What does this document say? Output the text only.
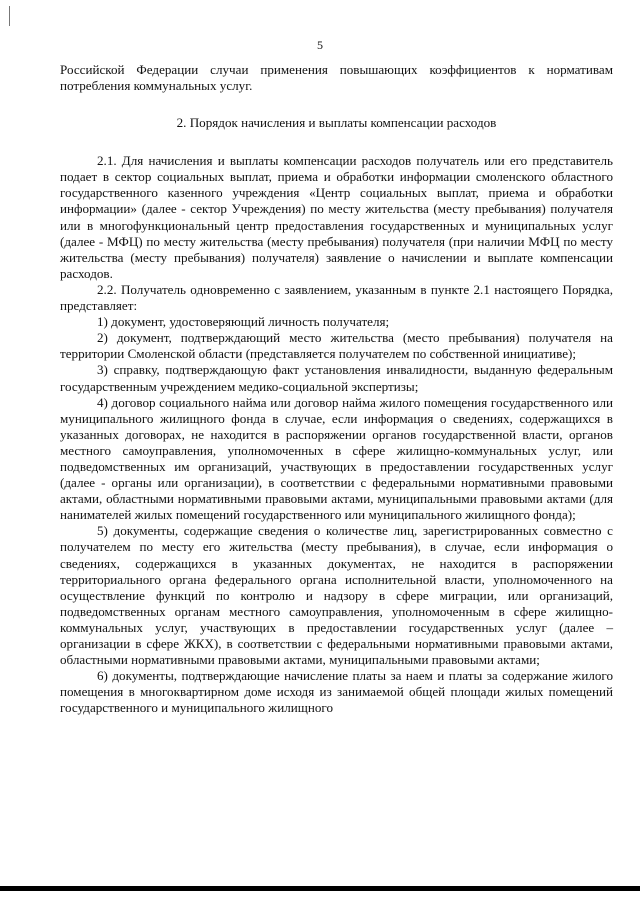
5

Российской Федерации случаи применения повышающих коэффициентов к нормативам потребления коммунальных услуг.

2. Порядок начисления и выплаты компенсации расходов

2.1. Для начисления и выплаты компенсации расходов получатель или его представитель подает в сектор социальных выплат, приема и обработки информации смоленского областного государственного казенного учреждения «Центр социальных выплат, приема и обработки информации» (далее - сектор Учреждения) по месту жительства (месту пребывания) получателя или в многофункциональный центр предоставления государственных и муниципальных услуг (далее - МФЦ) по месту жительства (месту пребывания) получателя (при наличии МФЦ по месту жительства (месту пребывания) получателя) заявление о начислении и выплате компенсации расходов.

2.2. Получатель одновременно с заявлением, указанным в пункте 2.1 настоящего Порядка, представляет:

1) документ, удостоверяющий личность получателя;

2) документ, подтверждающий место жительства (место пребывания) получателя на территории Смоленской области (представляется получателем по собственной инициативе);

3) справку, подтверждающую факт установления инвалидности, выданную федеральным государственным учреждением медико-социальной экспертизы;

4) договор социального найма или договор найма жилого помещения государственного или муниципального жилищного фонда в случае, если информация о сведениях, содержащихся в указанных договорах, не находится в распоряжении органов государственной власти, органов местного самоуправления, уполномоченных в сфере жилищно-коммунальных услуг, или подведомственных им организаций, участвующих в предоставлении государственных услуг (далее - органы или организации), в соответствии с федеральными нормативными правовыми актами, областными нормативными правовыми актами, муниципальными правовыми актами (для нанимателей жилых помещений государственного или муниципального жилищного фонда);

5) документы, содержащие сведения о количестве лиц, зарегистрированных совместно с получателем по месту его жительства (месту пребывания), в случае, если информация о сведениях, содержащихся в указанных документах, не находится в распоряжении территориального органа федерального органа исполнительной власти, уполномоченного на осуществление функций по контролю и надзору в сфере миграции, или организаций, подведомственных органам местного самоуправления, уполномоченным в сфере жилищно-коммунальных услуг, участвующих в предоставлении государственных услуг (далее – организации в сфере ЖКХ), в соответствии с федеральными нормативными правовыми актами, областными нормативными правовыми актами, муниципальными правовыми актами;

6) документы, подтверждающие начисление платы за наем и платы за содержание жилого помещения в многоквартирном доме исходя из занимаемой общей площади жилых помещений государственного и муниципального жилищного
